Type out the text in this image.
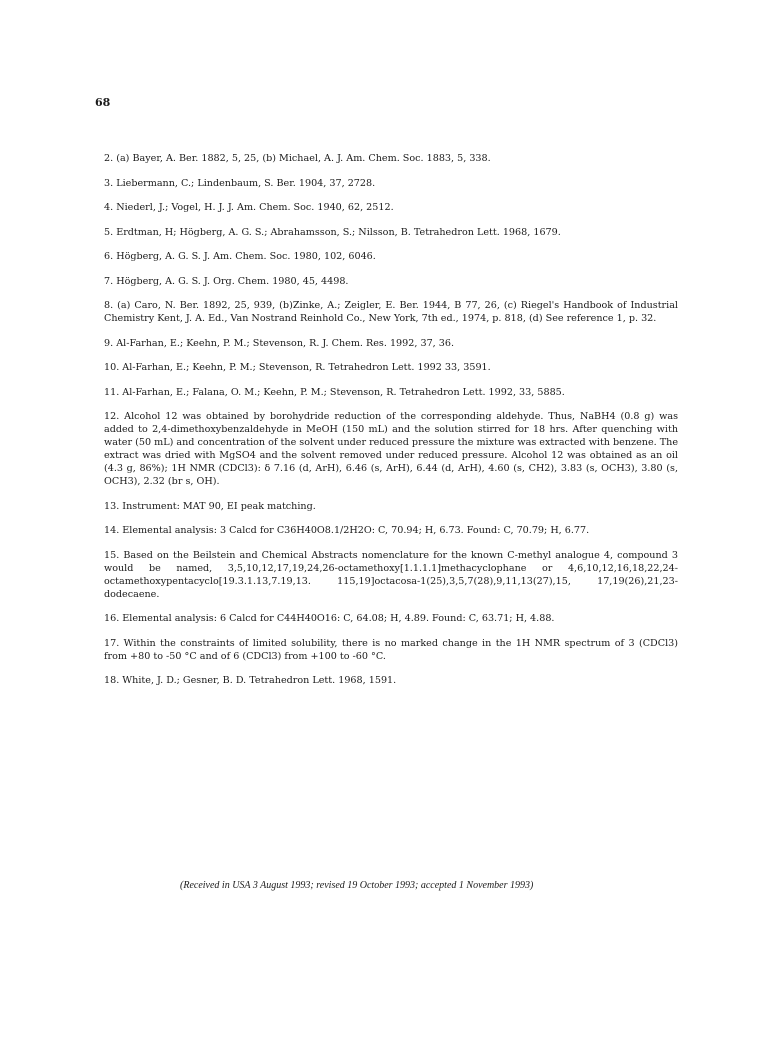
68

2. (a) Bayer, A. Ber. 1882, 5, 25, (b) Michael, A. J. Am. Chem. Soc. 1883, 5, 338.

3. Liebermann, C.; Lindenbaum, S. Ber. 1904, 37, 2728.

4. Niederl, J.; Vogel, H. J. J. Am. Chem. Soc. 1940, 62, 2512.

5. Erdtman, H; Högberg, A. G. S.; Abrahamsson, S.; Nilsson, B. Tetrahedron Lett. 1968, 1679.

6. Högberg, A. G. S. J. Am. Chem. Soc. 1980, 102, 6046.

7. Högberg, A. G. S. J. Org. Chem. 1980, 45, 4498.

8. (a) Caro, N. Ber. 1892, 25, 939, (b)Zinke, A.; Zeigler, E. Ber. 1944, B 77, 26, (c) Riegel's Handbook of Industrial Chemistry Kent, J. A. Ed., Van Nostrand Reinhold Co., New York, 7th ed., 1974, p. 818, (d) See reference 1, p. 32.

9. Al-Farhan, E.; Keehn, P. M.; Stevenson, R. J. Chem. Res. 1992, 37, 36.

10. Al-Farhan, E.; Keehn, P. M.; Stevenson, R. Tetrahedron Lett. 1992 33, 3591.

11. Al-Farhan, E.; Falana, O. M.; Keehn, P. M.; Stevenson, R. Tetrahedron Lett. 1992, 33, 5885.

12. Alcohol 12 was obtained by borohydride reduction of the corresponding aldehyde. Thus, NaBH4 (0.8 g) was added to 2,4-dimethoxybenzaldehyde in MeOH (150 mL) and the solution stirred for 18 hrs. After quenching with water (50 mL) and concentration of the solvent under reduced pressure the mixture was extracted with benzene. The extract was dried with MgSO4 and the solvent removed under reduced pressure. Alcohol 12 was obtained as an oil (4.3 g, 86%); 1H NMR (CDCl3): δ 7.16 (d, ArH), 6.46 (s, ArH), 6.44 (d, ArH), 4.60 (s, CH2), 3.83 (s, OCH3), 3.80 (s, OCH3), 2.32 (br s, OH).

13. Instrument: MAT 90, EI peak matching.

14. Elemental analysis: 3 Calcd for C36H40O8.1/2H2O: C, 70.94; H, 6.73. Found: C, 70.79; H, 6.77.

15. Based on the Beilstein and Chemical Abstracts nomenclature for the known C-methyl analogue 4, compound 3 would be named, 3,5,10,12,17,19,24,26-octamethoxy[1.1.1.1]methacyclophane or 4,6,10,12,16,18,22,24-octamethoxypentacyclo[19.3.1.13,7.19,13. 115,19]octacosa-1(25),3,5,7(28),9,11,13(27),15, 17,19(26),21,23-dodecaene.

16. Elemental analysis: 6 Calcd for C44H40O16: C, 64.08; H, 4.89. Found: C, 63.71; H, 4.88.

17. Within the constraints of limited solubility, there is no marked change in the 1H NMR spectrum of 3 (CDCl3) from +80 to -50 °C and of 6 (CDCl3) from +100 to -60 °C.

18. White, J. D.; Gesner, B. D. Tetrahedron Lett. 1968, 1591.

(Received in USA 3 August 1993; revised 19 October 1993; accepted 1 November 1993)
